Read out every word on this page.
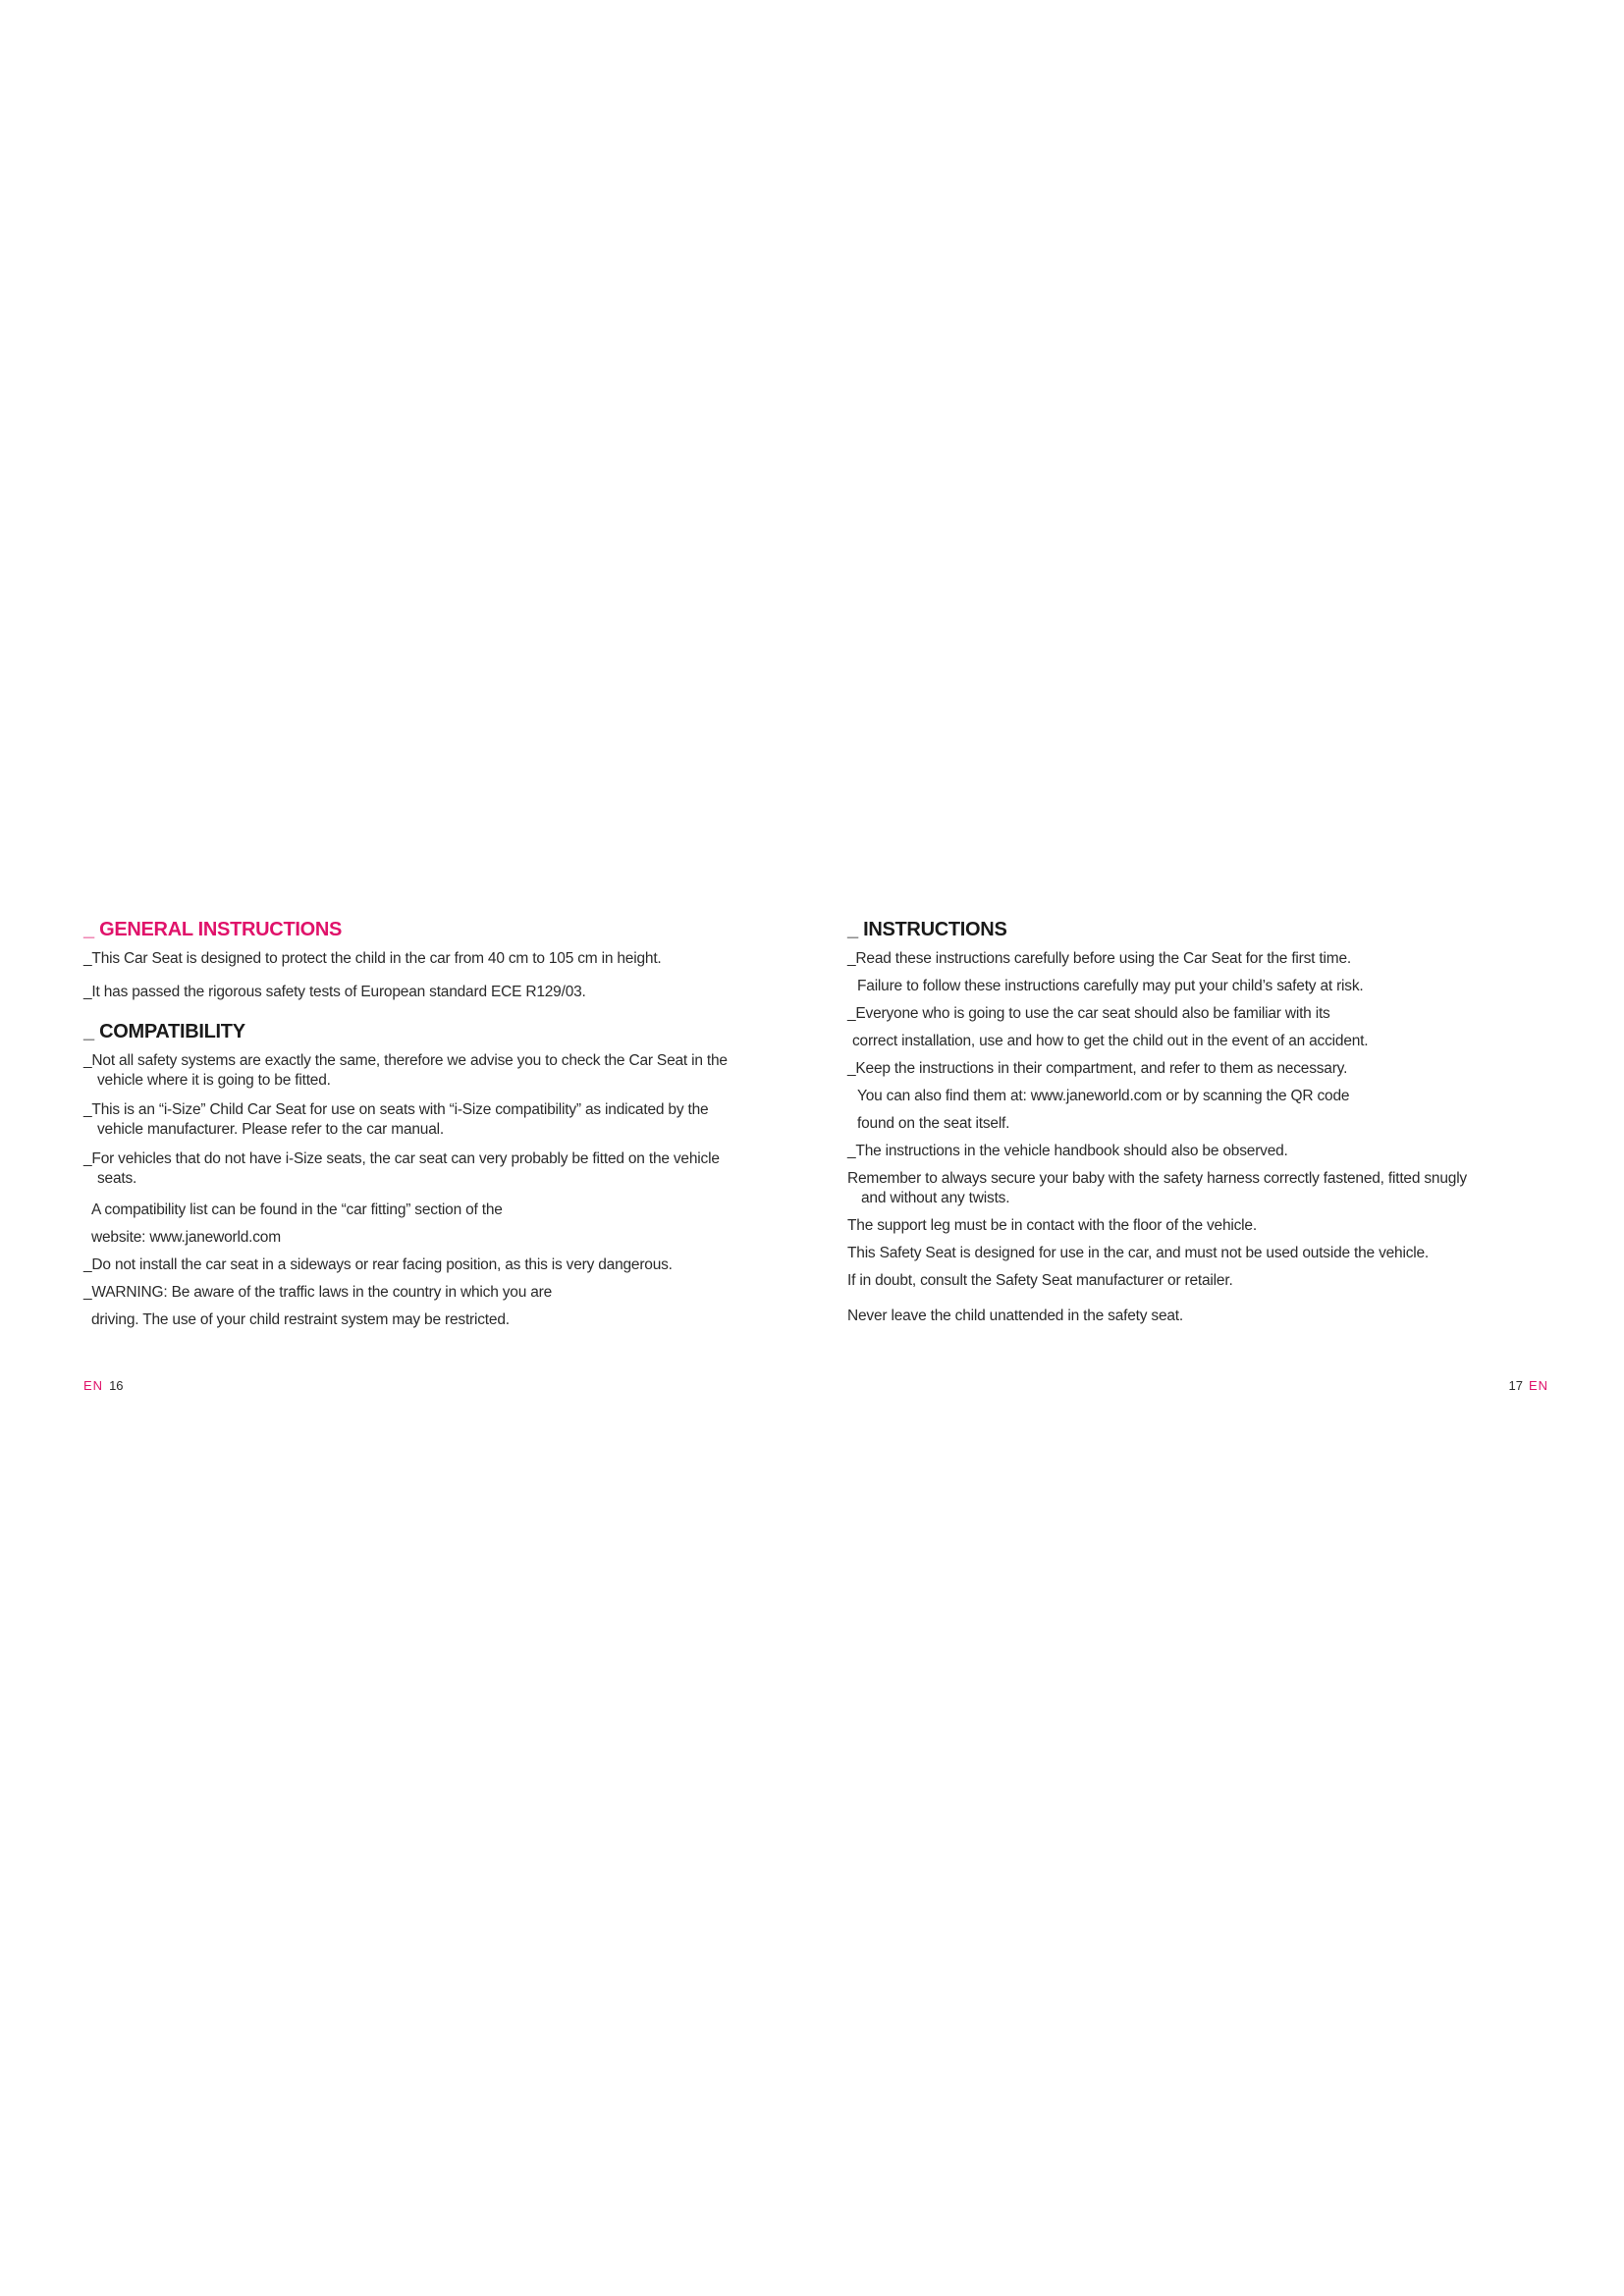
_ GENERAL INSTRUCTIONS

_This Car Seat is designed to protect the child in the car from 40 cm to 105 cm in height.

_It has passed the rigorous safety tests of European standard ECE R129/03.

_ COMPATIBILITY

_Not all safety systems are exactly the same, therefore we advise you to check the Car Seat in the
vehicle where it is going to be fitted.

_This is an “i-Size” Child Car Seat for use on seats with “i-Size compatibility” as indicated by the
vehicle manufacturer. Please refer to the car manual.

_For vehicles that do not have i-Size seats, the car seat can very probably be fitted on the vehicle
seats.

A compatibility list can be found in the “car fitting” section of the

website: www.janeworld.com

_Do not install the car seat in a sideways or rear facing position, as this is very dangerous.

_WARNING: Be aware of the traffic laws in the country in which you are

driving. The use of your child restraint system may be restricted.

_ INSTRUCTIONS

_Read these instructions carefully before using the Car Seat for the first time.

Failure to follow these instructions carefully may put your child’s safety at risk.

_Everyone who is going to use the car seat should also be familiar with its

correct installation, use and how to get the child out in the event of an accident.

_Keep the instructions in their compartment, and refer to them as necessary.

You can also find them at: www.janeworld.com or by scanning the QR code

found on the seat itself.

_The instructions in the vehicle handbook should also be observed.

Remember to always secure your baby with the safety harness correctly fastened, fitted snugly
and without any twists.

The support leg must be in contact with the floor of the vehicle.

This Safety Seat is designed for use in the car, and must not be used outside the vehicle.

If in doubt, consult the Safety Seat manufacturer or retailer.

Never leave the child unattended in the safety seat.

EN 16	17 EN
